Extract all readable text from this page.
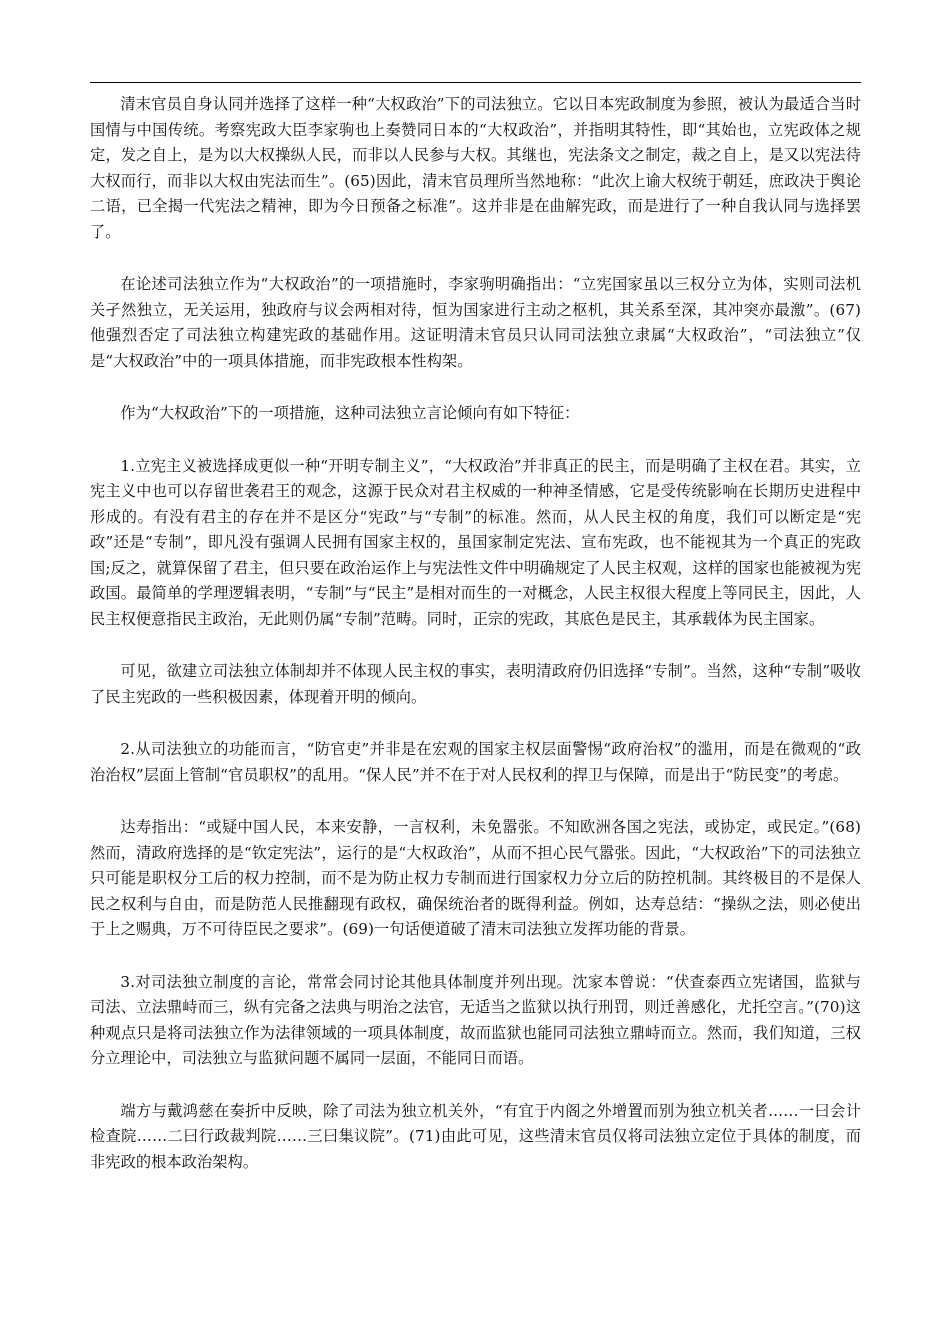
清末官员自身认同并选择了这样一种“大权政治”下的司法独立。它以日本宪政制度为参照，被认为最适合当时国情与中国传统。考察宪政大臣李家驹也上奏赞同日本的“大权政治”，并指明其特性，即“其始也，立宪政体之规定，发之自上，是为以大权操纵人民，而非以人民参与大权。其继也，宪法条文之制定，裁之自上，是又以宪法待大权而行，而非以大权由宪法而生”。(65)因此，清末官员理所当然地称：“此次上谕大权统于朝廷，庶政决于舆论二语，已全揭一代宪法之精神，即为今日预备之标准”。这并非是在曲解宪政，而是进行了一种自我认同与选择罢了。

在论述司法独立作为“大权政治”的一项措施时，李家驹明确指出：“立宪国家虽以三权分立为体，实则司法机关孑然独立，无关运用，独政府与议会两相对待，恒为国家进行主动之枢机，其关系至深，其冲突亦最激”。(67)他强烈否定了司法独立构建宪政的基础作用。这证明清末官员只认同司法独立隶属“大权政治”，“司法独立”仅是“大权政治”中的一项具体措施，而非宪政根本性构架。

作为“大权政治”下的一项措施，这种司法独立言论倾向有如下特征：

1.立宪主义被选择成更似一种“开明专制主义”，“大权政治”并非真正的民主，而是明确了主权在君。其实，立宪主义中也可以存留世袭君王的观念，这源于民众对君主权威的一种神圣情感，它是受传统影响在长期历史进程中形成的。有没有君主的存在并不是区分“宪政”与“专制”的标准。然而，从人民主权的角度，我们可以断定是“宪政”还是“专制”，即凡没有强调人民拥有国家主权的，虽国家制定宪法、宣布宪政，也不能视其为一个真正的宪政国;反之，就算保留了君主，但只要在政治运作上与宪法性文件中明确规定了人民主权观，这样的国家也能被视为宪政国。最简单的学理逻辑表明，“专制”与“民主”是相对而生的一对概念，人民主权很大程度上等同民主，因此，人民主权便意指民主政治，无此则仍属“专制”范畴。同时，正宗的宪政，其底色是民主，其承载体为民主国家。

可见，欲建立司法独立体制却并不体现人民主权的事实，表明清政府仍旧选择“专制”。当然，这种“专制”吸收了民主宪政的一些积极因素，体现着开明的倾向。

2.从司法独立的功能而言，“防官吏”并非是在宏观的国家主权层面警惕“政府治权”的滥用，而是在微观的“政治治权”层面上管制“官员职权”的乱用。“保人民”并不在于对人民权利的捍卫与保障，而是出于“防民变”的考虑。

达寿指出：“或疑中国人民，本来安静，一言权利，未免嚣张。不知欧洲各国之宪法，或协定，或民定。”(68)然而，清政府选择的是“钦定宪法”，运行的是“大权政治”，从而不担心民气嚣张。因此，“大权政治”下的司法独立只可能是职权分工后的权力控制，而不是为防止权力专制而进行国家权力分立后的防控机制。其终极目的不是保人民之权利与自由，而是防范人民推翻现有政权，确保统治者的既得利益。例如，达寿总结：“操纵之法，则必使出于上之赐典，万不可待臣民之要求”。(69)一句话便道破了清末司法独立发挥功能的背景。

3.对司法独立制度的言论，常常会同讨论其他具体制度并列出现。沈家本曾说：“伏查泰西立宪诸国，监狱与司法、立法鼎峙而三，纵有完备之法典与明治之法官，无适当之监狱以执行刑罚，则迁善感化，尤托空言。”(70)这种观点只是将司法独立作为法律领域的一项具体制度，故而监狱也能同司法独立鼎峙而立。然而，我们知道，三权分立理论中，司法独立与监狱问题不属同一层面，不能同日而语。

端方与戴鸿慈在奏折中反映，除了司法为独立机关外，“有宜于内阁之外增置而别为独立机关者……一曰会计检查院……二曰行政裁判院……三曰集议院”。(71)由此可见，这些清末官员仅将司法独立定位于具体的制度，而非宪政的根本政治架构。
